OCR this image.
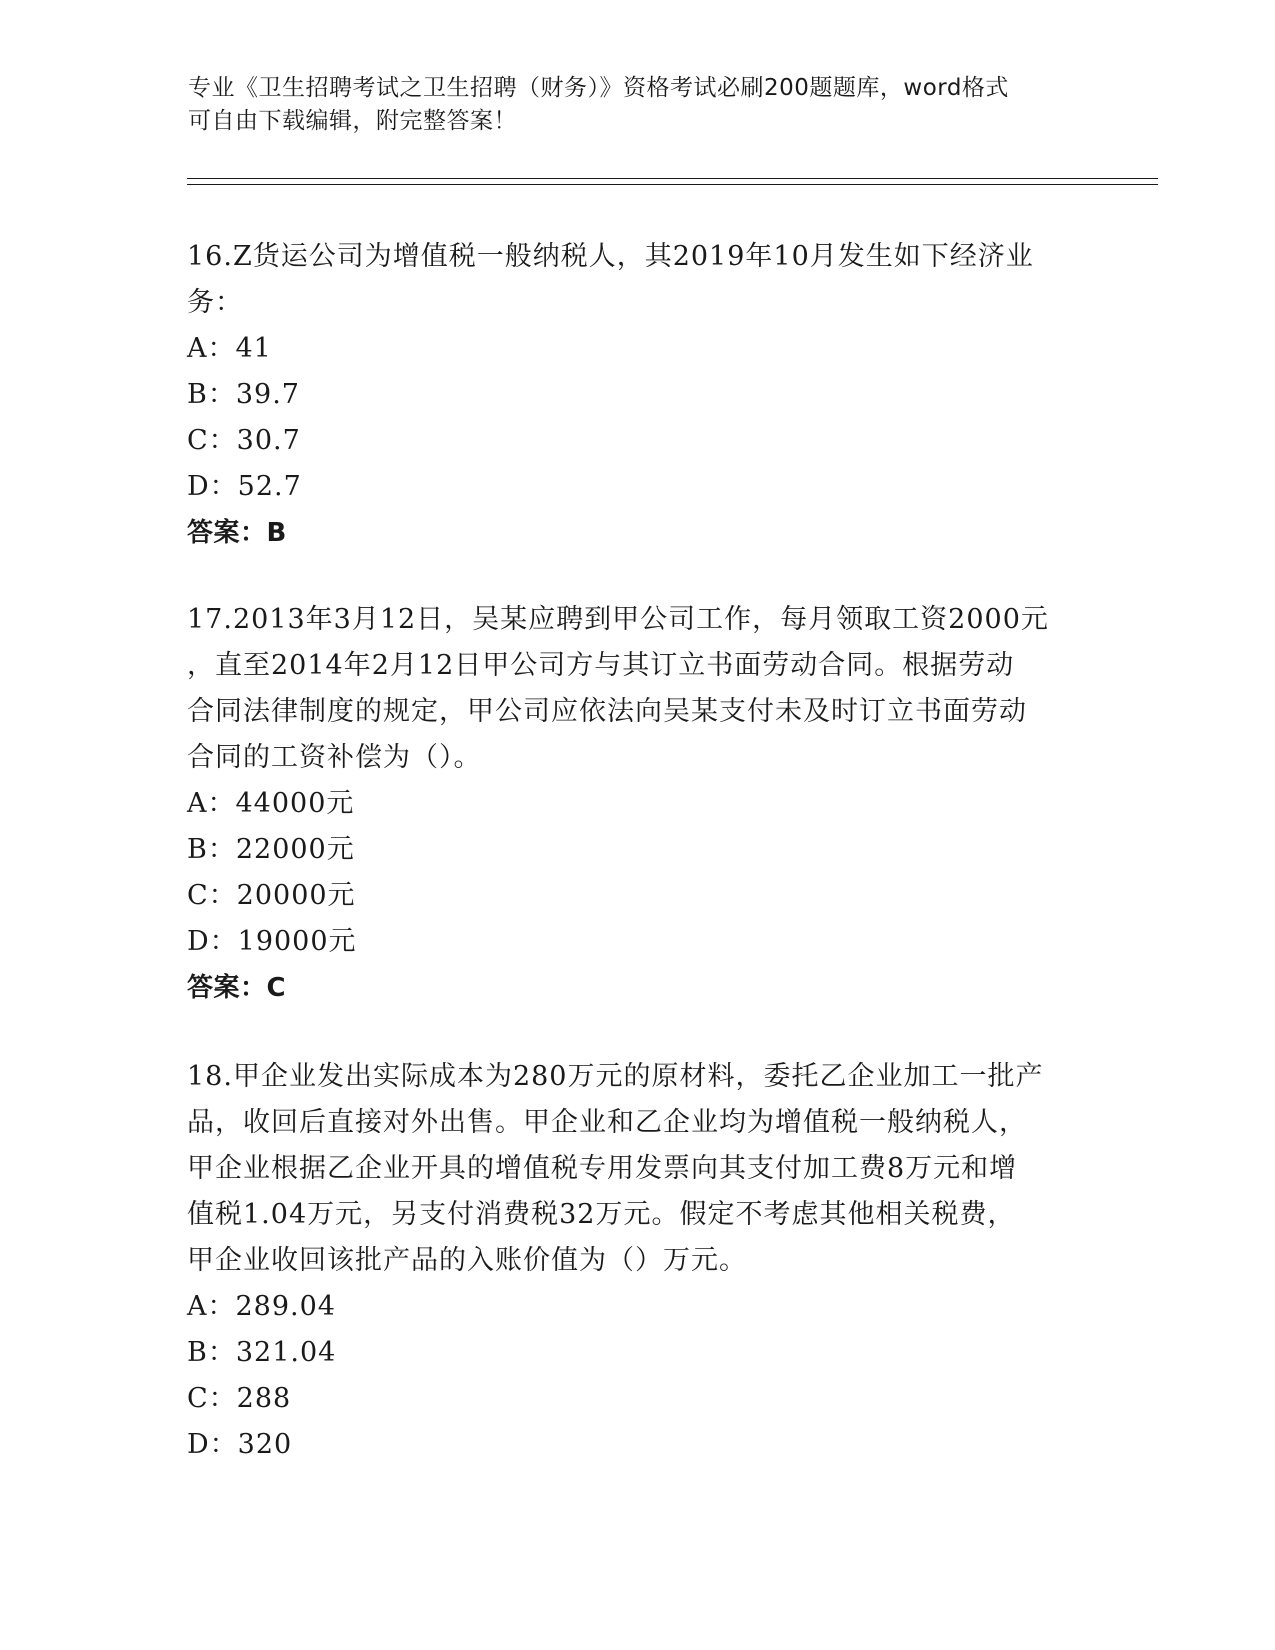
专业《卫生招聘考试之卫生招聘（财务）》资格考试必刷200题题库，word格式
可自由下载编辑，附完整答案！
16.Z货运公司为增值税一般纳税人，其2019年10月发生如下经济业
务：
A：41
B：39.7
C：30.7
D：52.7
答案：B
17.2013年3月12日，吴某应聘到甲公司工作，每月领取工资2000元
，直至2014年2月12日甲公司方与其订立书面劳动合同。根据劳动
合同法律制度的规定，甲公司应依法向吴某支付未及时订立书面劳动
合同的工资补偿为（）。
A：44000元
B：22000元
C：20000元
D：19000元
答案：C
18.甲企业发出实际成本为280万元的原材料，委托乙企业加工一批产
品，收回后直接对外出售。甲企业和乙企业均为增值税一般纳税人，
甲企业根据乙企业开具的增值税专用发票向其支付加工费8万元和增
值税1.04万元，另支付消费税32万元。假定不考虑其他相关税费，
甲企业收回该批产品的入账价值为（）万元。
A：289.04
B：321.04
C：288
D：320
